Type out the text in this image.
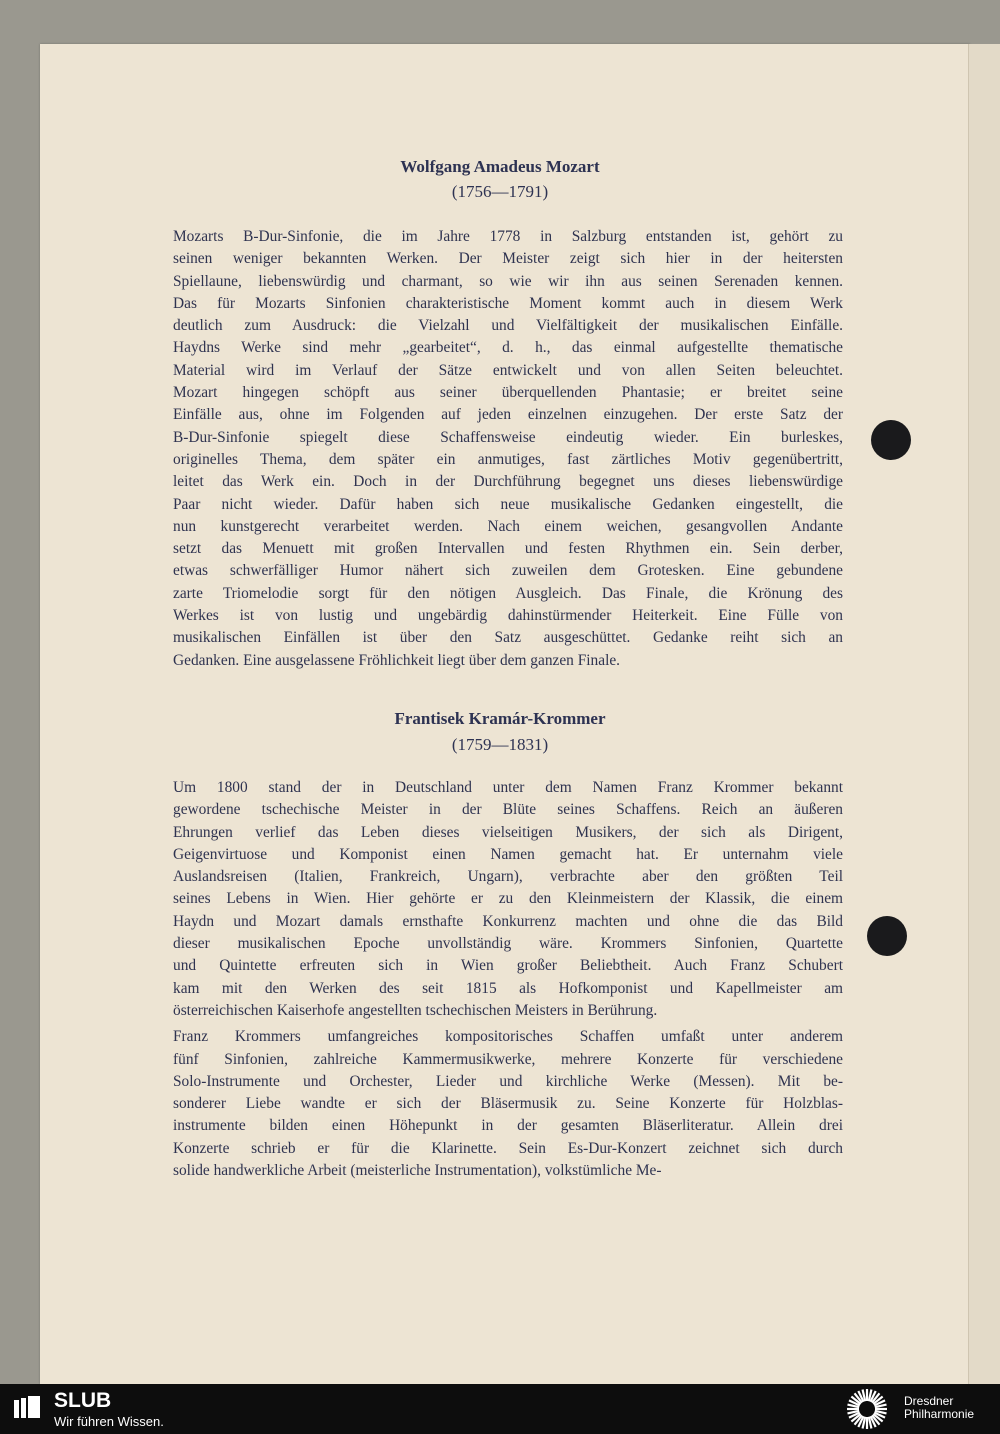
Wolfgang Amadeus Mozart
(1756—1791)
Mozarts B-Dur-Sinfonie, die im Jahre 1778 in Salzburg entstanden ist, gehört zu
seinen weniger bekannten Werken. Der Meister zeigt sich hier in der heitersten
Spiellaune, liebenswürdig und charmant, so wie wir ihn aus seinen Serenaden kennen.
Das für Mozarts Sinfonien charakteristische Moment kommt auch in diesem Werk
deutlich zum Ausdruck: die Vielzahl und Vielfältigkeit der musikalischen Einfälle.
Haydns Werke sind mehr „gearbeitet“, d. h., das einmal aufgestellte thematische
Material wird im Verlauf der Sätze entwickelt und von allen Seiten beleuchtet.
Mozart hingegen schöpft aus seiner überquellenden Phantasie; er breitet seine
Einfälle aus, ohne im Folgenden auf jeden einzelnen einzugehen. Der erste Satz der
B-Dur-Sinfonie spiegelt diese Schaffensweise eindeutig wieder. Ein burleskes,
originelles Thema, dem später ein anmutiges, fast zärtliches Motiv gegenübertritt,
leitet das Werk ein. Doch in der Durchführung begegnet uns dieses liebenswürdige
Paar nicht wieder. Dafür haben sich neue musikalische Gedanken eingestellt, die
nun kunstgerecht verarbeitet werden. Nach einem weichen, gesangvollen Andante
setzt das Menuett mit großen Intervallen und festen Rhythmen ein. Sein derber,
etwas schwerfälliger Humor nähert sich zuweilen dem Grotesken. Eine gebundene
zarte Triomelodie sorgt für den nötigen Ausgleich. Das Finale, die Krönung des
Werkes ist von lustig und ungebärdig dahinstürmender Heiterkeit. Eine Fülle von
musikalischen Einfällen ist über den Satz ausgeschüttet. Gedanke reiht sich an
Gedanken. Eine ausgelassene Fröhlichkeit liegt über dem ganzen Finale.
Frantisek Kramár-Krommer
(1759—1831)
Um 1800 stand der in Deutschland unter dem Namen Franz Krommer bekannt
gewordene tschechische Meister in der Blüte seines Schaffens. Reich an äußeren
Ehrungen verlief das Leben dieses vielseitigen Musikers, der sich als Dirigent,
Geigenvirtuose und Komponist einen Namen gemacht hat. Er unternahm viele
Auslandsreisen (Italien, Frankreich, Ungarn), verbrachte aber den größten Teil
seines Lebens in Wien. Hier gehörte er zu den Kleinmeistern der Klassik, die einem
Haydn und Mozart damals ernsthafte Konkurrenz machten und ohne die das Bild
dieser musikalischen Epoche unvollständig wäre. Krommers Sinfonien, Quartette
und Quintette erfreuten sich in Wien großer Beliebtheit. Auch Franz Schubert
kam mit den Werken des seit 1815 als Hofkomponist und Kapellmeister am
österreichischen Kaiserhofe angestellten tschechischen Meisters in Berührung.
Franz Krommers umfangreiches kompositorisches Schaffen umfaßt unter anderem
fünf Sinfonien, zahlreiche Kammermusikwerke, mehrere Konzerte für verschiedene
Solo-Instrumente und Orchester, Lieder und kirchliche Werke (Messen). Mit be-
sonderer Liebe wandte er sich der Bläsermusik zu. Seine Konzerte für Holzblas-
instrumente bilden einen Höhepunkt in der gesamten Bläserliteratur. Allein drei
Konzerte schrieb er für die Klarinette. Sein Es-Dur-Konzert zeichnet sich durch
solide handwerkliche Arbeit (meisterliche Instrumentation), volkstümliche Me-
SLUB
Wir führen Wissen.
Dresdner
Philharmonie
